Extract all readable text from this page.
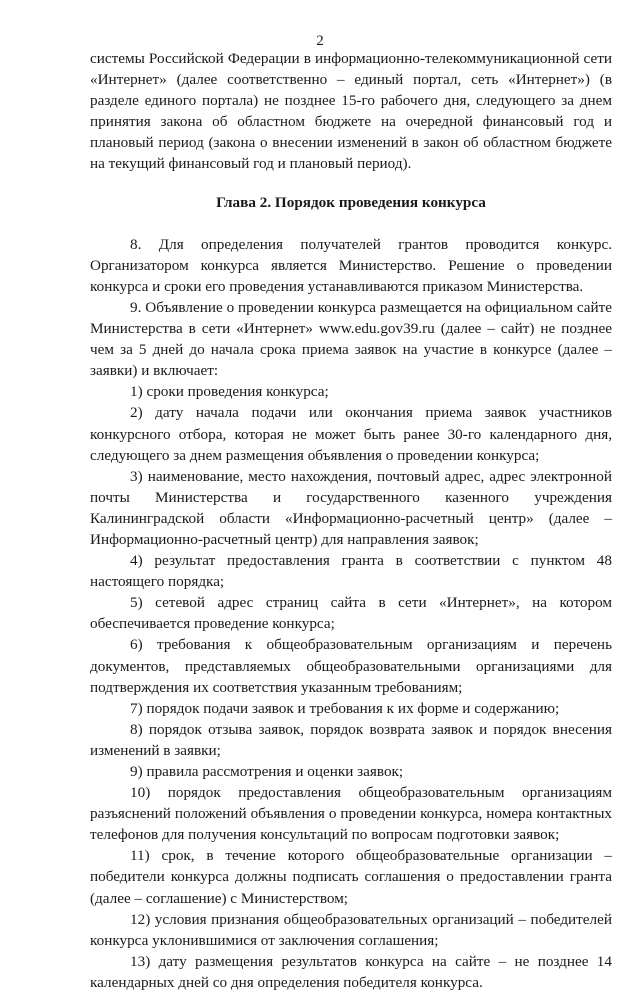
2

системы Российской Федерации в информационно-телекоммуникационной сети «Интернет» (далее соответственно – единый портал, сеть «Интернет») (в разделе единого портала) не позднее 15-го рабочего дня, следующего за днем принятия закона об областном бюджете на очередной финансовый год и плановый период (закона о внесении изменений в закон об областном бюджете на текущий финансовый год и плановый период).

Глава 2. Порядок проведения конкурса

8. Для определения получателей грантов проводится конкурс. Организатором конкурса является Министерство. Решение о проведении конкурса и сроки его проведения устанавливаются приказом Министерства.

9. Объявление о проведении конкурса размещается на официальном сайте Министерства в сети «Интернет» www.edu.gov39.ru (далее – сайт) не позднее чем за 5 дней до начала срока приема заявок на участие в конкурсе (далее – заявки) и включает:

1) сроки проведения конкурса;

2) дату начала подачи или окончания приема заявок участников конкурсного отбора, которая не может быть ранее 30-го календарного дня, следующего за днем размещения объявления о проведении конкурса;

3) наименование, место нахождения, почтовый адрес, адрес электронной почты Министерства и государственного казенного учреждения Калининградской области «Информационно-расчетный центр» (далее – Информационно-расчетный центр) для направления заявок;

4) результат предоставления гранта в соответствии с пунктом 48 настоящего порядка;

5) сетевой адрес страниц сайта в сети «Интернет», на котором обеспечивается проведение конкурса;

6) требования к общеобразовательным организациям и перечень документов, представляемых общеобразовательными организациями для подтверждения их соответствия указанным требованиям;

7) порядок подачи заявок и требования к их форме и содержанию;

8) порядок отзыва заявок, порядок возврата заявок и порядок внесения изменений в заявки;

9) правила рассмотрения и оценки заявок;

10) порядок предоставления общеобразовательным организациям разъяснений положений объявления о проведении конкурса, номера контактных телефонов для получения консультаций по вопросам подготовки заявок;

11) срок, в течение которого общеобразовательные организации – победители конкурса должны подписать соглашения о предоставлении гранта (далее – соглашение) с Министерством;

12) условия признания общеобразовательных организаций – победителей конкурса уклонившимися от заключения соглашения;

13) дату размещения результатов конкурса на сайте – не позднее 14 календарных дней со дня определения победителя конкурса.
